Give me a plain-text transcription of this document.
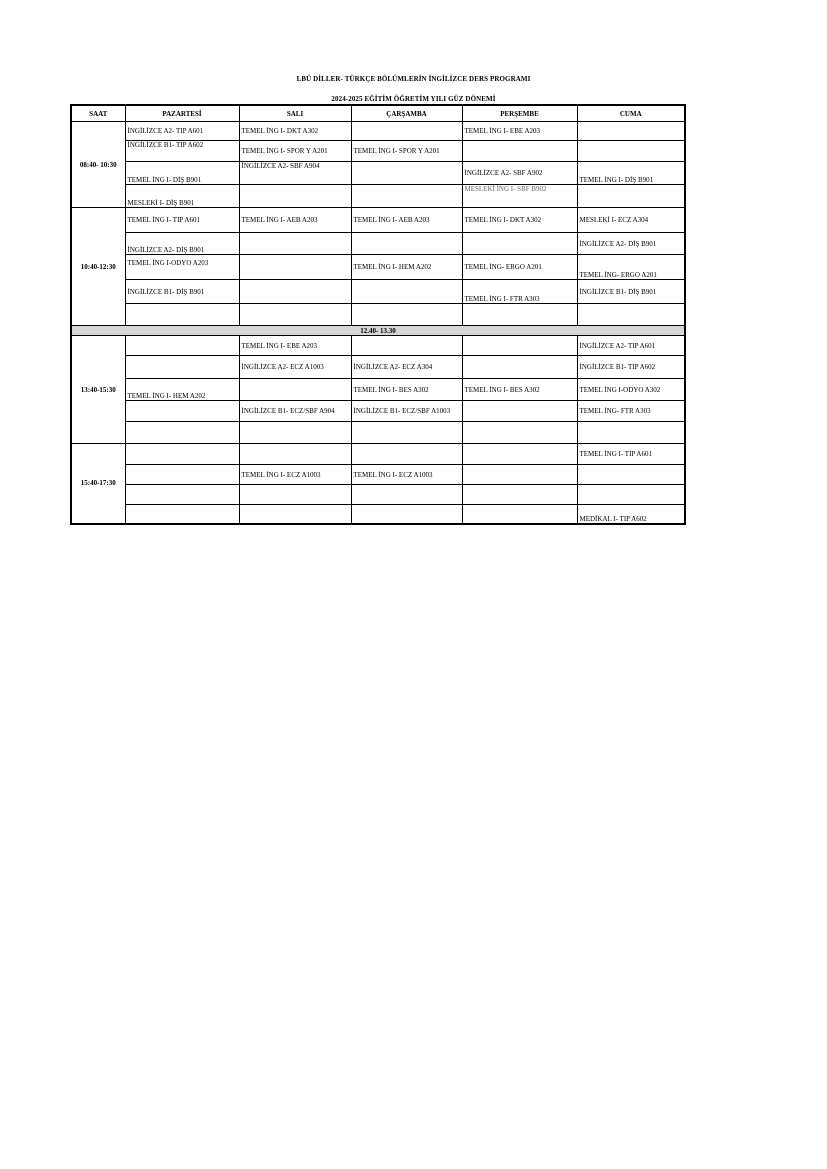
LBÜ DİLLER- TÜRKÇE BÖLÜMLERİN İNGİLİZCE DERS PROGRAMI
2024-2025 EĞİTİM ÖĞRETİM YILI GÜZ DÖNEMİ
SAAT	PAZARTESİ	SALI	ÇARŞAMBA	PERŞEMBE	CUMA
08:40- 10:30	İNGİLİZCE A2- TIP A601	TEMEL İNG I- DKT A302		TEMEL İNG I- EBE A203	
	İNGİLİZCE B1- TIP A602	TEMEL İNG I- SPOR Y A201	TEMEL İNG I- SPOR Y A201		
	TEMEL İNG I- DİŞ B901	İNGİLİZCE A2- SBF A904		İNGİLİZCE A2- SBF A902	TEMEL İNG I- DİŞ B901
	MESLEKİ I- DİŞ B901			MESLEKİ İNG I- SBF B902	
10:40-12:30	TEMEL İNG I- TIP A601	TEMEL İNG I- AEB A203	TEMEL İNG I- AEB A203	TEMEL İNG I- DKT A302	MESLEKİ I- ECZ A304
	İNGİLİZCE A2- DİŞ B901				İNGİLİZCE A2- DİŞ B901
	TEMEL İNG I-ODYO A203		TEMEL İNG I- HEM A202	TEMEL İNG- ERGO A201	TEMEL İNG- ERGO A201
	İNGİLİZCE B1- DİŞ B901			TEMEL İNG I- FTR A303	İNGİLİZCE B1- DİŞ B901

12.40- 13.30					
13:40-15:30		TEMEL İNG I- EBE A203			İNGİLİZCE A2- TIP A601
		İNGİLİZCE A2- ECZ A1003	İNGİLİZCE A2- ECZ A304		İNGİLİZCE B1- TIP A602
	TEMEL İNG I- HEM A202		TEMEL İNG I- BES A302	TEMEL İNG I- BES A302	TEMEL İNG I-ODYO A302
		İNGİLİZCE B1- ECZ/SBF A904	İNGİLİZCE B1- ECZ/SBF A1003		TEMEL İNG- FTR A303

15:40-17:30					TEMEL İNG I- TIP A601
		TEMEL İNG I- ECZ A1003	TEMEL İNG I- ECZ A1003		

					MEDİKAL I- TIP A602
